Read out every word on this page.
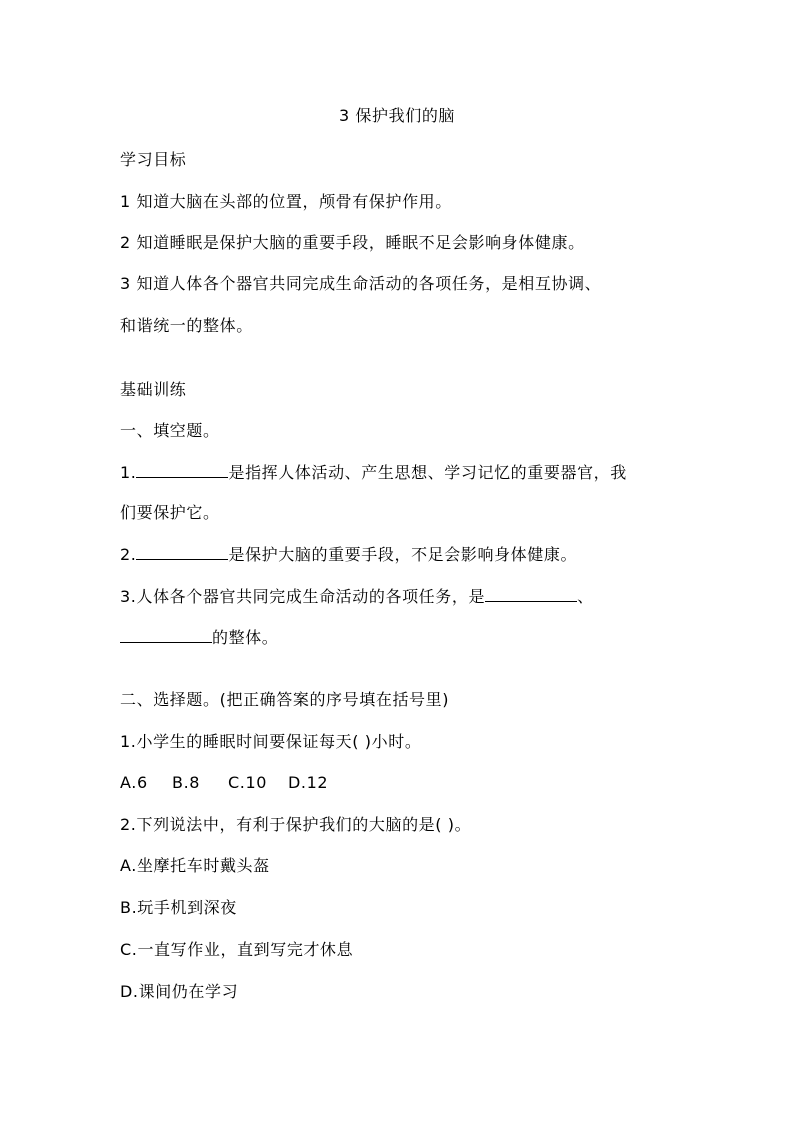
3 保护我们的脑
学习目标
1 知道大脑在头部的位置，颅骨有保护作用。
2 知道睡眠是保护大脑的重要手段，睡眠不足会影响身体健康。
3 知道人体各个器官共同完成生命活动的各项任务，是相互协调、
和谐统一的整体。
基础训练
一、填空题。
1.	是指挥人体活动、产生思想、学习记忆的重要器官，我
们要保护它。
2.	是保护大脑的重要手段，不足会影响身体健康。
3.人体各个器官共同完成生命活动的各项任务，是	、
的整体。
二、选择题。(把正确答案的序号填在括号里)
1.小学生的睡眠时间要保证每天( )小时。
A.6 B.8 C.10 D.12
2.下列说法中，有利于保护我们的大脑的是( )。
A.坐摩托车时戴头盔
B.玩手机到深夜
C.一直写作业，直到写完才休息
D.课间仍在学习
